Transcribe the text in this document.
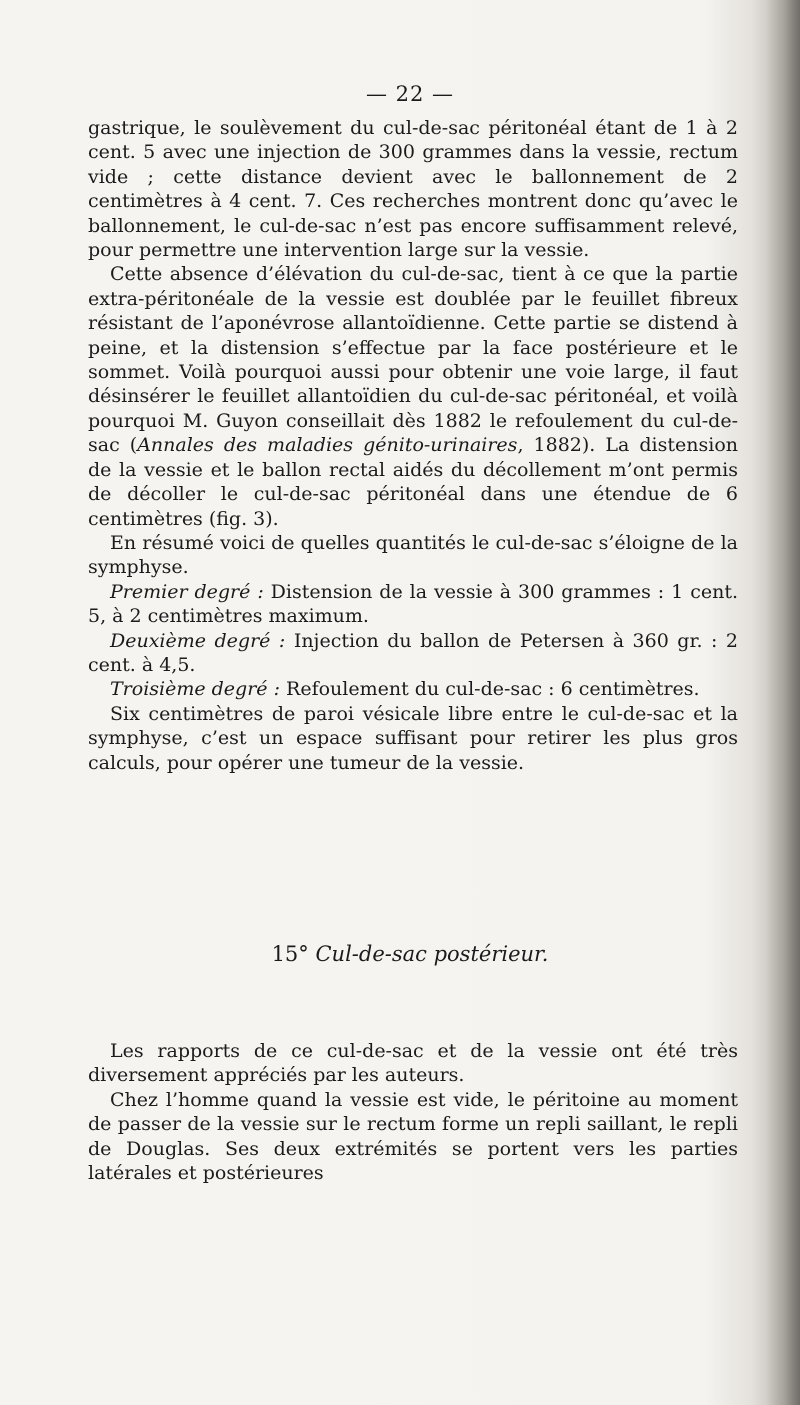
— 22 —

gastrique, le soulèvement du cul-de-sac péritonéal étant de 1 à 2 cent. 5 avec une injection de 300 grammes dans la vessie, rectum vide ; cette distance devient avec le ballonnement de 2 centimètres à 4 cent. 7. Ces recherches montrent donc qu’avec le ballonnement, le cul-de-sac n’est pas encore suffisamment relevé, pour permettre une intervention large sur la vessie.

Cette absence d’élévation du cul-de-sac, tient à ce que la partie extra-péritonéale de la vessie est doublée par le feuillet fibreux résistant de l’aponévrose allantoïdienne. Cette partie se distend à peine, et la distension s’effectue par la face postérieure et le sommet. Voilà pourquoi aussi pour obtenir une voie large, il faut désinsérer le feuillet allantoïdien du cul-de-sac péritonéal, et voilà pourquoi M. Guyon conseillait dès 1882 le refoulement du cul-de-sac (Annales des maladies génito-urinaires, 1882). La distension de la vessie et le ballon rectal aidés du décollement m’ont permis de décoller le cul-de-sac péritonéal dans une étendue de 6 centimètres (fig. 3).

En résumé voici de quelles quantités le cul-de-sac s’éloigne de la symphyse.

Premier degré : Distension de la vessie à 300 grammes : 1 cent. 5, à 2 centimètres maximum.

Deuxième degré : Injection du ballon de Petersen à 360 gr. : 2 cent. à 4,5.

Troisième degré : Refoulement du cul-de-sac : 6 centimètres.

Six centimètres de paroi vésicale libre entre le cul-de-sac et la symphyse, c’est un espace suffisant pour retirer les plus gros calculs, pour opérer une tumeur de la vessie.

15° Cul-de-sac postérieur.

Les rapports de ce cul-de-sac et de la vessie ont été très diversement appréciés par les auteurs.

Chez l’homme quand la vessie est vide, le péritoine au moment de passer de la vessie sur le rectum forme un repli saillant, le repli de Douglas. Ses deux extrémités se portent vers les parties latérales et postérieures
